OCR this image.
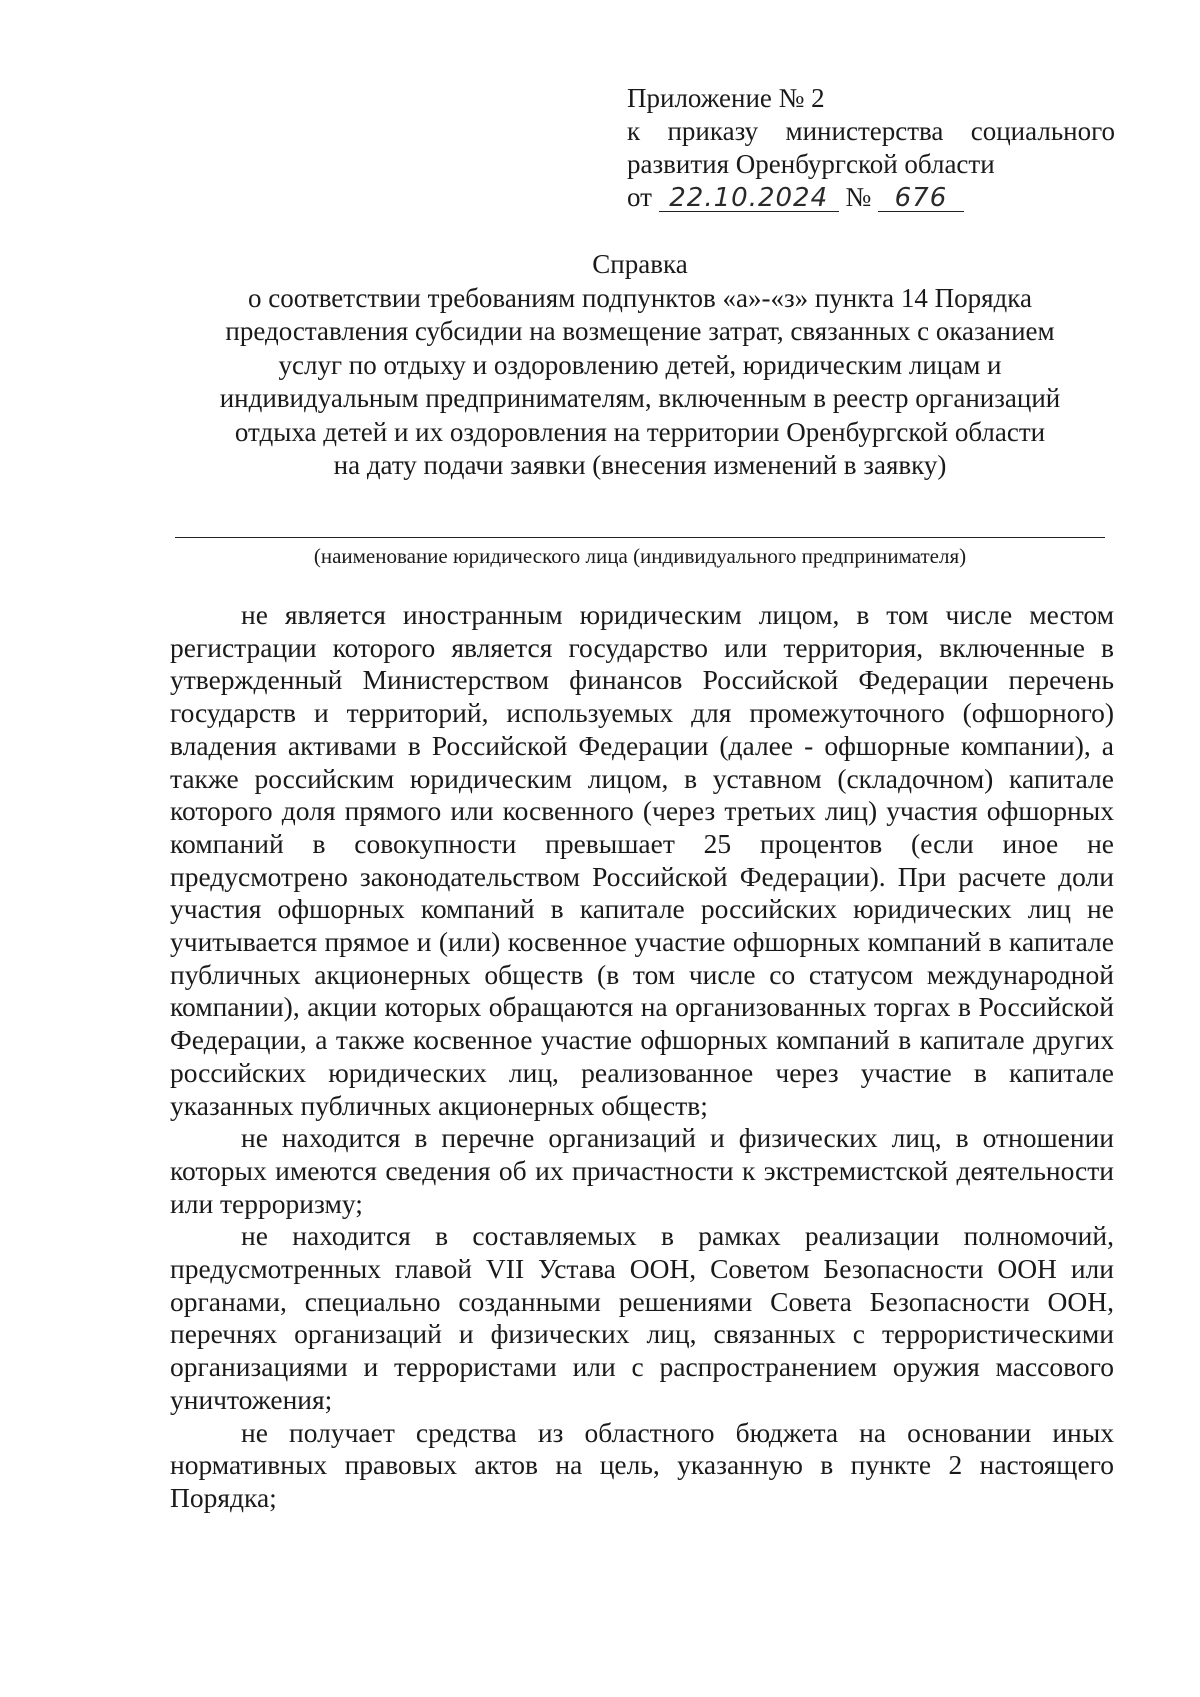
Приложение № 2
к приказу министерства социального
развития Оренбургской области
от 22.10.2024 № 676
Справка
о соответствии требованиям подпунктов «а»-«з» пункта 14 Порядка
предоставления субсидии на возмещение затрат, связанных с оказанием
услуг по отдыху и оздоровлению детей, юридическим лицам и
индивидуальным предпринимателям, включенным в реестр организаций
отдыха детей и их оздоровления на территории Оренбургской области
на дату подачи заявки (внесения изменений в заявку)
(наименование юридического лица (индивидуального предпринимателя)

не является иностранным юридическим лицом, в том числе местом регистрации которого является государство или территория, включенные в утвержденный Министерством финансов Российской Федерации перечень государств и территорий, используемых для промежуточного (офшорного) владения активами в Российской Федерации (далее - офшорные компании), а также российским юридическим лицом, в уставном (складочном) капитале которого доля прямого или косвенного (через третьих лиц) участия офшорных компаний в совокупности превышает 25 процентов (если иное не предусмотрено законодательством Российской Федерации). При расчете доли участия офшорных компаний в капитале российских юридических лиц не учитывается прямое и (или) косвенное участие офшорных компаний в капитале публичных акционерных обществ (в том числе со статусом международной компании), акции которых обращаются на организованных торгах в Российской Федерации, а также косвенное участие офшорных компаний в капитале других российских юридических лиц, реализованное через участие в капитале указанных публичных акционерных обществ;

не находится в перечне организаций и физических лиц, в отношении которых имеются сведения об их причастности к экстремистской деятельности или терроризму;

не находится в составляемых в рамках реализации полномочий, предусмотренных главой VII Устава ООН, Советом Безопасности ООН или органами, специально созданными решениями Совета Безопасности ООН, перечнях организаций и физических лиц, связанных с террористическими организациями и террористами или с распространением оружия массового уничтожения;

не получает средства из областного бюджета на основании иных нормативных правовых актов на цель, указанную в пункте 2 настоящего Порядка;
